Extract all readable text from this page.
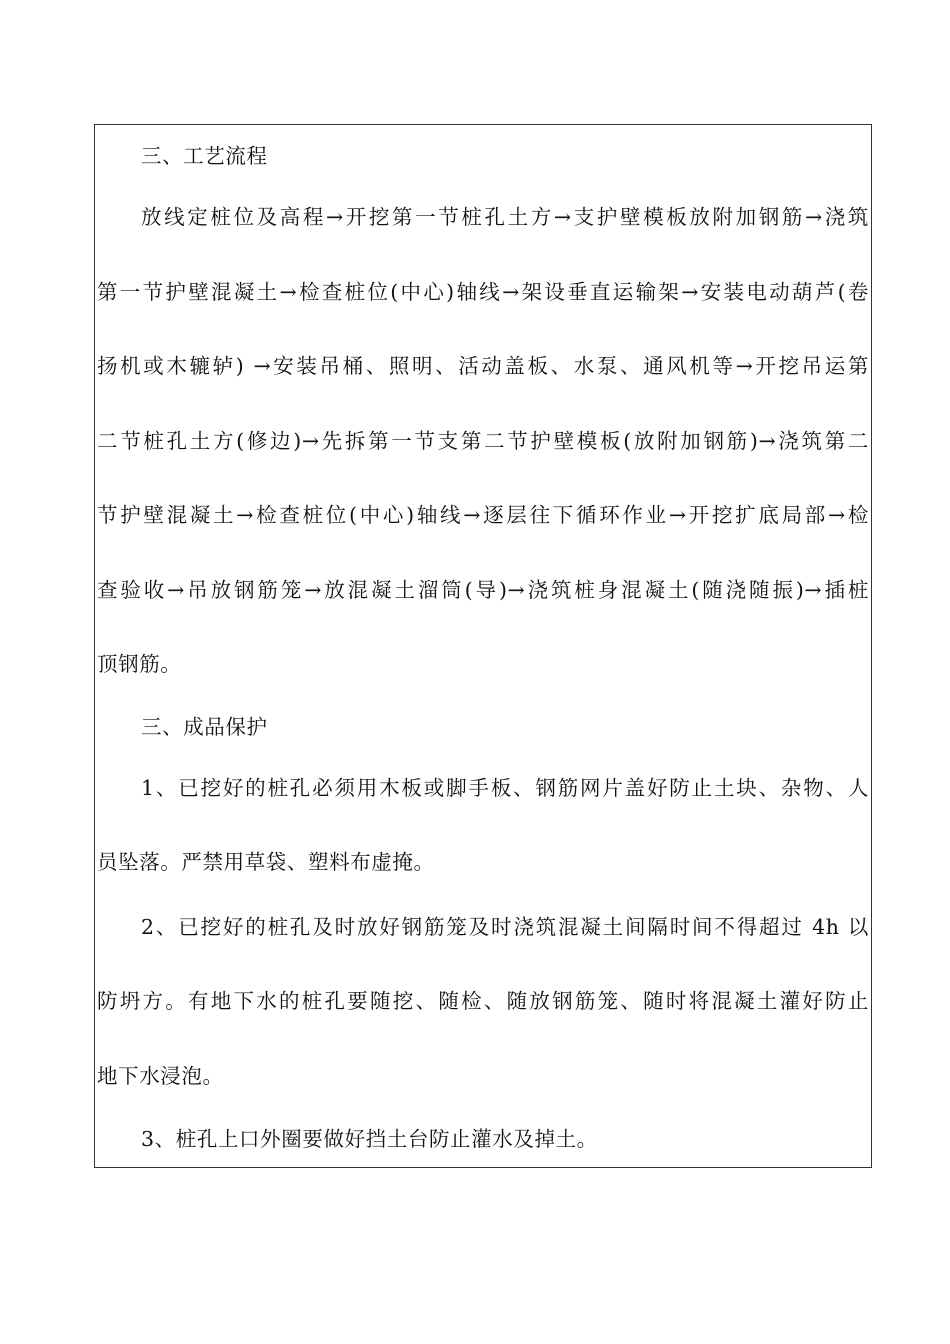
三、工艺流程
放线定桩位及高程→开挖第一节桩孔土方→支护壁模板放附加钢筋→浇筑
第一节护壁混凝土→检查桩位(中心)轴线→架设垂直运输架→安装电动葫芦(卷
扬机或木辘轳) →安装吊桶、照明、活动盖板、水泵、通风机等→开挖吊运第
二节桩孔土方(修边)→先拆第一节支第二节护壁模板(放附加钢筋)→浇筑第二
节护壁混凝土→检查桩位(中心)轴线→逐层往下循环作业→开挖扩底局部→检
查验收→吊放钢筋笼→放混凝土溜筒(导)→浇筑桩身混凝土(随浇随振)→插桩
顶钢筋。
三、成品保护
1、已挖好的桩孔必须用木板或脚手板、钢筋网片盖好防止土块、杂物、人
员坠落。严禁用草袋、塑料布虚掩。
2、已挖好的桩孔及时放好钢筋笼及时浇筑混凝土间隔时间不得超过 4h 以
防坍方。有地下水的桩孔要随挖、随检、随放钢筋笼、随时将混凝土灌好防止
地下水浸泡。
3、桩孔上口外圈要做好挡土台防止灌水及掉土。
